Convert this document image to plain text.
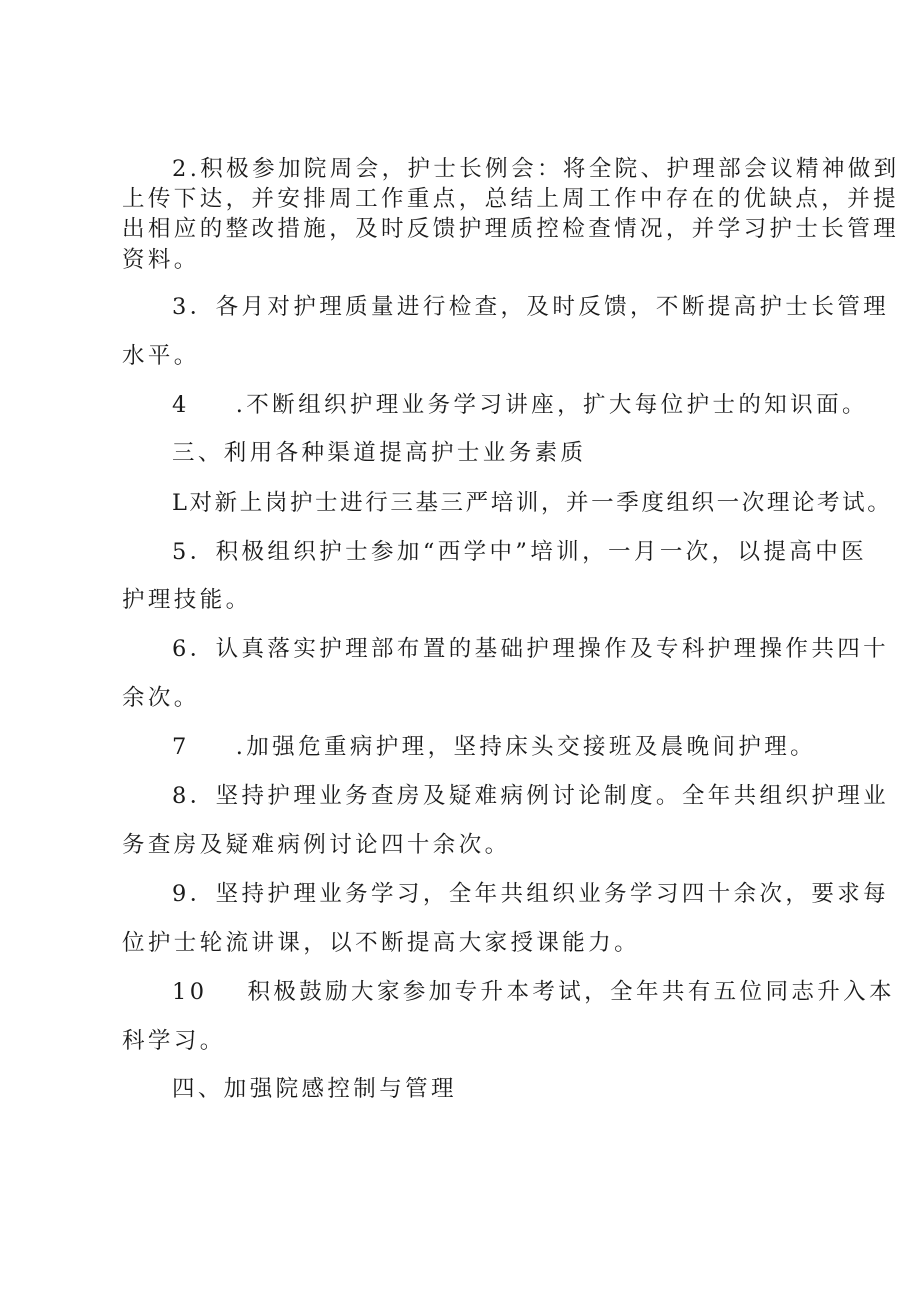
2.积极参加院周会，护士长例会：将全院、护理部会议精神做到
上传下达，并安排周工作重点，总结上周工作中存在的优缺点，并提
出相应的整改措施，及时反馈护理质控检查情况，并学习护士长管理
资料。
3．各月对护理质量进行检查，及时反馈，不断提高护士长管理
水平。
4 .不断组织护理业务学习讲座，扩大每位护士的知识面。
三、利用各种渠道提高护士业务素质
L对新上岗护士进行三基三严培训，并一季度组织一次理论考试。
5．积极组织护士参加“西学中”培训，一月一次，以提高中医
护理技能。
6．认真落实护理部布置的基础护理操作及专科护理操作共四十
余次。
7 .加强危重病护理，坚持床头交接班及晨晚间护理。
8．坚持护理业务查房及疑难病例讨论制度。全年共组织护理业
务查房及疑难病例讨论四十余次。
9．坚持护理业务学习，全年共组织业务学习四十余次，要求每
位护士轮流讲课，以不断提高大家授课能力。
10 积极鼓励大家参加专升本考试，全年共有五位同志升入本
科学习。
四、加强院感控制与管理
